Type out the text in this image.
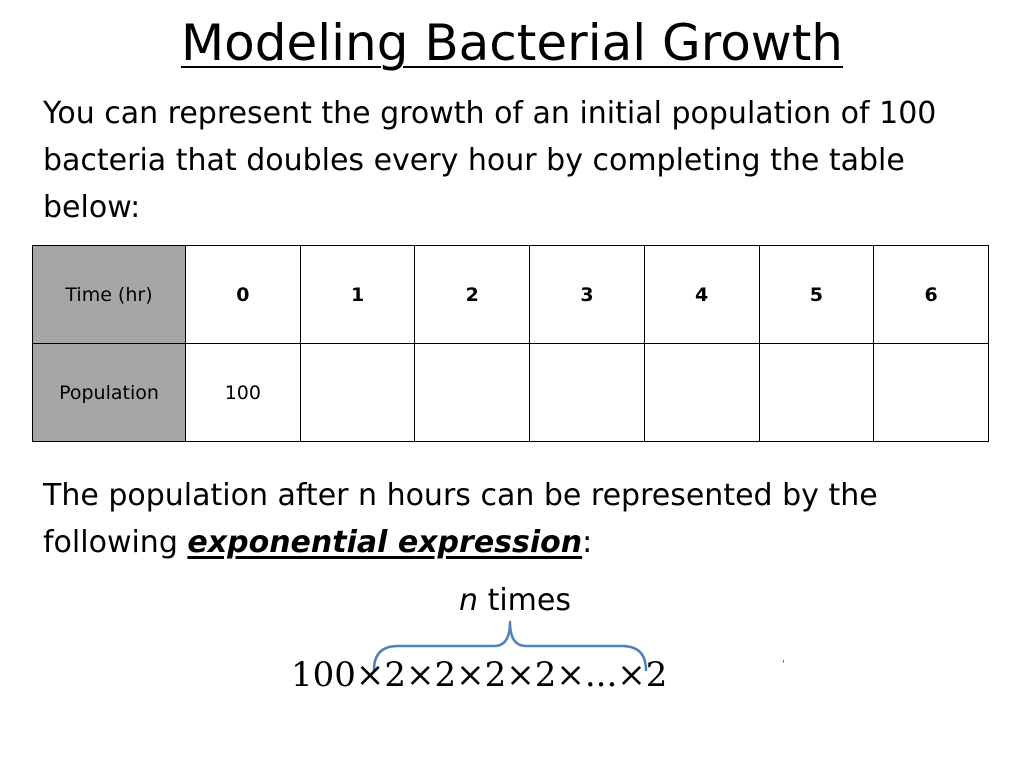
Modeling Bacterial Growth
You can represent the growth of an initial population of 100 bacteria that doubles every hour by completing the table below:
Time (hr)	0	1	2	3	4	5	6
Population	100						
The population after n hours can be represented by the following exponential expression:
n times
100×2×2×2×2×...×2	'
